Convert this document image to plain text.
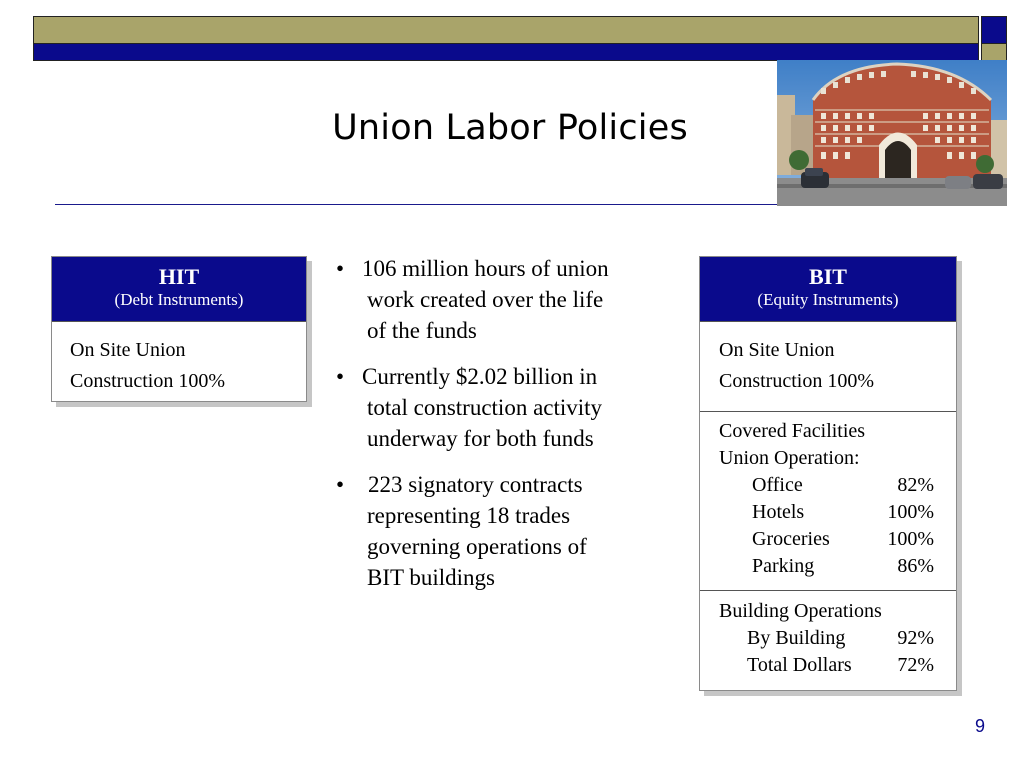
Union Labor Policies
HIT
(Debt Instruments)
On Site Union
Construction 100%
• 106 million hours of union
work created over the life
of the funds
• Currently $2.02 billion in
total construction activity
underway for both funds
• 223 signatory contracts
representing 18 trades
governing operations of
BIT buildings
BIT
(Equity Instruments)
On Site Union
Construction 100%
Covered Facilities
Union Operation:
Office	82%
Hotels	100%
Groceries	100%
Parking	86%
Building Operations
By Building	92%
Total Dollars	72%
9
